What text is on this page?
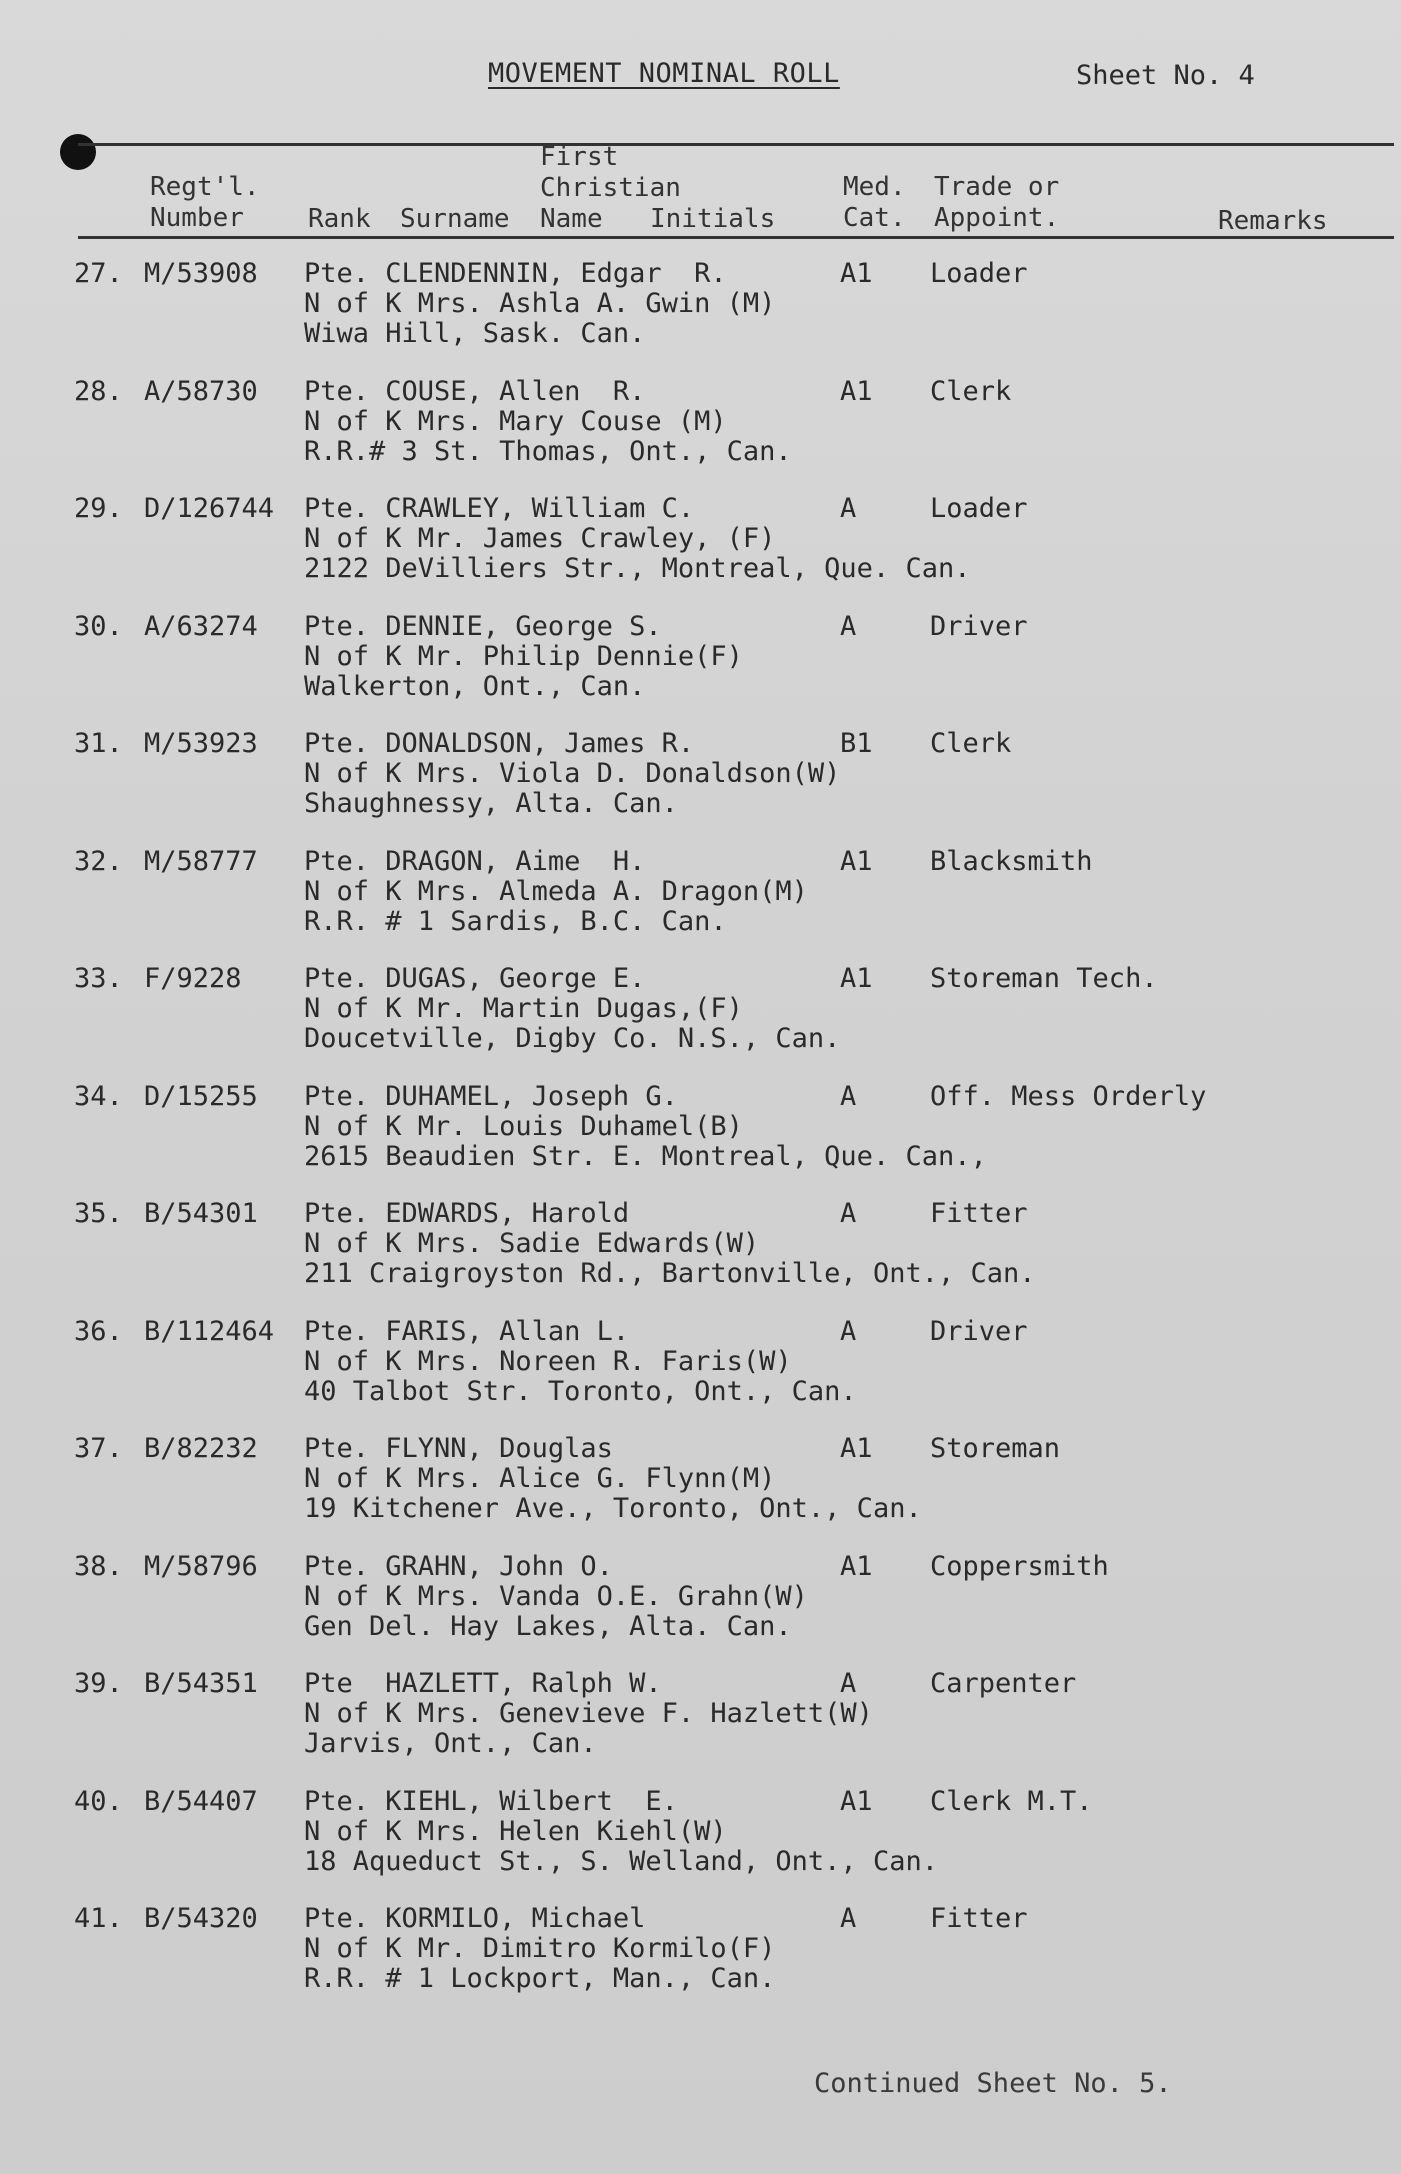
MOVEMENT NOMINAL ROLL	Sheet No. 4
Regt'l.
Number	Rank Surname
First
Christian
Name	Initials
Med.
Cat.
Trade or
Appoint.	Remarks
27. M/53908 Pte. CLENDENNIN, Edgar  R.	A1 Loader
N of K Mrs. Ashla A. Gwin (M)
Wiwa Hill, Sask. Can.
28. A/58730 Pte. COUSE, Allen  R.	A1 Clerk
N of K Mrs. Mary Couse (M)
R.R.# 3 St. Thomas, Ont., Can.
29. D/126744 Pte. CRAWLEY, William C.	A	Loader
N of K Mr. James Crawley, (F)
2122 DeVilliers Str., Montreal, Que. Can.
30. A/63274 Pte. DENNIE, George S.	A	Driver
N of K Mr. Philip Dennie(F)
Walkerton, Ont., Can.
31. M/53923 Pte. DONALDSON, James R.	B1 Clerk
N of K Mrs. Viola D. Donaldson(W)
Shaughnessy, Alta. Can.
32. M/58777 Pte. DRAGON, Aime  H.	A1 Blacksmith
N of K Mrs. Almeda A. Dragon(M)
R.R. # 1 Sardis, B.C. Can.
33. F/9228 Pte. DUGAS, George E.	A1 Storeman Tech.
N of K Mr. Martin Dugas,(F)
Doucetville, Digby Co. N.S., Can.
34. D/15255 Pte. DUHAMEL, Joseph G.	A	Off. Mess Orderly
N of K Mr. Louis Duhamel(B)
2615 Beaudien Str. E. Montreal, Que. Can.,
35. B/54301 Pte. EDWARDS, Harold	A	Fitter
N of K Mrs. Sadie Edwards(W)
211 Craigroyston Rd., Bartonville, Ont., Can.
36. B/112464 Pte. FARIS, Allan L.	A	Driver
N of K Mrs. Noreen R. Faris(W)
40 Talbot Str. Toronto, Ont., Can.
37. B/82232 Pte. FLYNN, Douglas	A1 Storeman
N of K Mrs. Alice G. Flynn(M)
19 Kitchener Ave., Toronto, Ont., Can.
38. M/58796 Pte. GRAHN, John O.	A1 Coppersmith
N of K Mrs. Vanda O.E. Grahn(W)
Gen Del. Hay Lakes, Alta. Can.
39. B/54351 Pte  HAZLETT, Ralph W.	A	Carpenter
N of K Mrs. Genevieve F. Hazlett(W)
Jarvis, Ont., Can.
40. B/54407 Pte. KIEHL, Wilbert  E.	A1 Clerk M.T.
N of K Mrs. Helen Kiehl(W)
18 Aqueduct St., S. Welland, Ont., Can.
41. B/54320 Pte. KORMILO, Michael	A	Fitter
N of K Mr. Dimitro Kormilo(F)
R.R. # 1 Lockport, Man., Can.
Continued Sheet No. 5.
